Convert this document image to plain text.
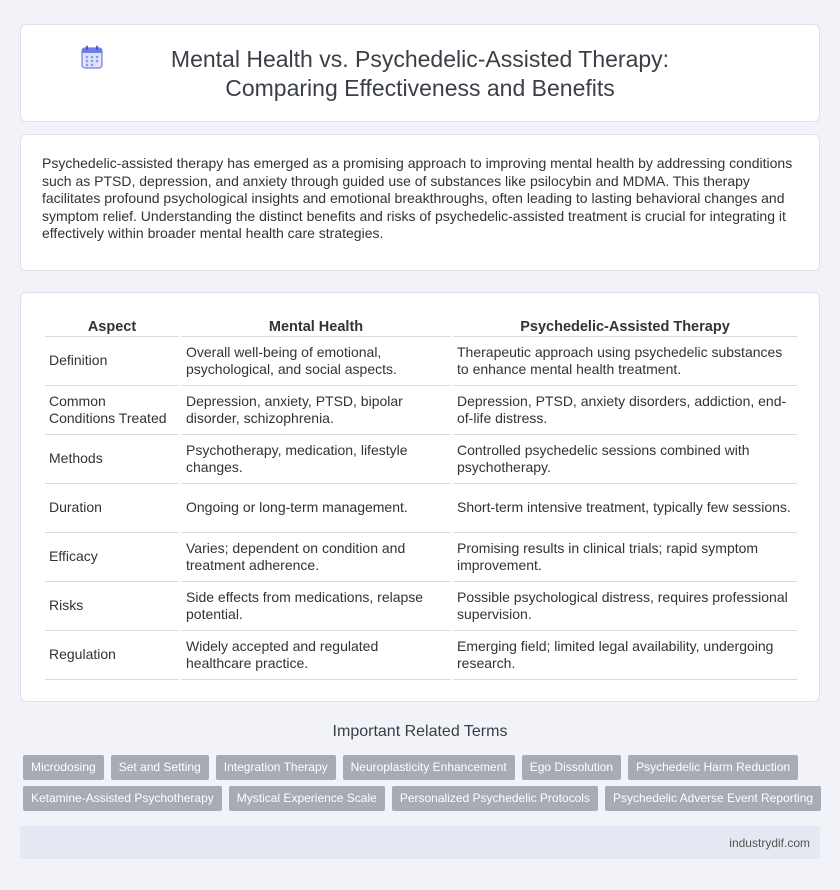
Mental Health vs. Psychedelic-Assisted Therapy: Comparing Effectiveness and Benefits

Psychedelic-assisted therapy has emerged as a promising approach to improving mental health by addressing conditions such as PTSD, depression, and anxiety through guided use of substances like psilocybin and MDMA. This therapy facilitates profound psychological insights and emotional breakthroughs, often leading to lasting behavioral changes and symptom relief. Understanding the distinct benefits and risks of psychedelic-assisted treatment is crucial for integrating it effectively within broader mental health care strategies.

Aspect	Mental Health	Psychedelic-Assisted Therapy
Definition	Overall well-being of emotional, psychological, and social aspects.	Therapeutic approach using psychedelic substances to enhance mental health treatment.
Common Conditions Treated	Depression, anxiety, PTSD, bipolar disorder, schizophrenia.	Depression, PTSD, anxiety disorders, addiction, end-of-life distress.
Methods	Psychotherapy, medication, lifestyle changes.	Controlled psychedelic sessions combined with psychotherapy.
Duration	Ongoing or long-term management.	Short-term intensive treatment, typically few sessions.
Efficacy	Varies; dependent on condition and treatment adherence.	Promising results in clinical trials; rapid symptom improvement.
Risks	Side effects from medications, relapse potential.	Possible psychological distress, requires professional supervision.
Regulation	Widely accepted and regulated healthcare practice.	Emerging field; limited legal availability, undergoing research.
Important Related Terms
Microdosing	Set and Setting	Integration Therapy	Neuroplasticity Enhancement	Ego Dissolution	Psychedelic Harm Reduction
Ketamine-Assisted Psychotherapy	Mystical Experience Scale	Personalized Psychedelic Protocols	Psychedelic Adverse Event Reporting
industrydif.com
